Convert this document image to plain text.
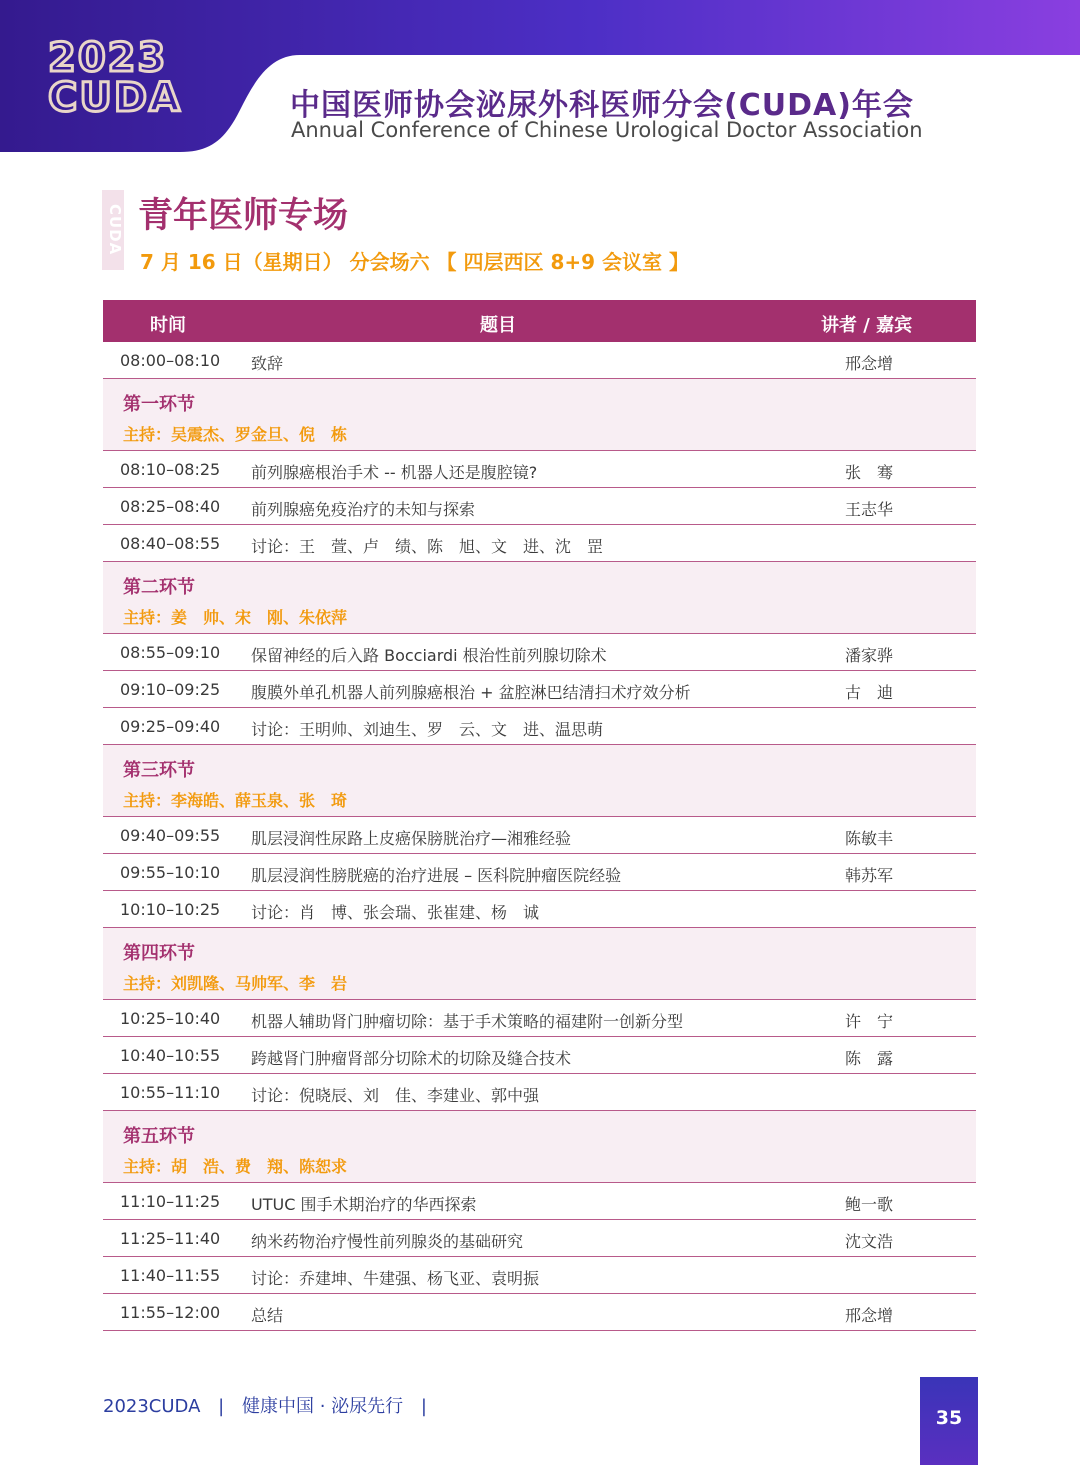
2023
CUDA	中国医师协会泌尿外科医师分会(CUDA)年会
Annual Conference of Chinese Urological Doctor Association
CUDA 青年医师专场
7 月 16 日（星期日） 分会场六 【 四层西区 8+9 会议室 】
时间	题目	讲者 / 嘉宾
08:00–08:10 致辞	邢念增
第一环节
主持：吴震杰、罗金旦、倪　栋
08:10–08:25 前列腺癌根治手术 -- 机器人还是腹腔镜?	张　骞
08:25–08:40 前列腺癌免疫治疗的未知与探索	王志华
08:40–08:55 讨论：王　萱、卢　绩、陈　旭、文　进、沈　罡
第二环节
主持：姜　帅、宋　刚、朱依萍
08:55–09:10 保留神经的后入路 Bocciardi 根治性前列腺切除术	潘家骅
09:10–09:25 腹膜外单孔机器人前列腺癌根治 + 盆腔淋巴结清扫术疗效分析	古　迪
09:25–09:40 讨论：王明帅、刘迪生、罗　云、文　进、温思萌
第三环节
主持：李海皓、薛玉泉、张　琦
09:40–09:55 肌层浸润性尿路上皮癌保膀胱治疗—湘雅经验	陈敏丰
09:55–10:10 肌层浸润性膀胱癌的治疗进展 – 医科院肿瘤医院经验	韩苏军
10:10–10:25 讨论：肖　博、张会瑞、张崔建、杨　诚
第四环节
主持：刘凯隆、马帅军、李　岩
10:25–10:40 机器人辅助肾门肿瘤切除：基于手术策略的福建附一创新分型	许　宁
10:40–10:55 跨越肾门肿瘤肾部分切除术的切除及缝合技术	陈　露
10:55–11:10 讨论：倪晓辰、刘　佳、李建业、郭中强
第五环节
主持：胡　浩、费　翔、陈恕求
11:10–11:25 UTUC 围手术期治疗的华西探索	鲍一歌
11:25–11:40 纳米药物治疗慢性前列腺炎的基础研究	沈文浩
11:40–11:55 讨论：乔建坤、牛建强、杨飞亚、袁明振
11:55–12:00 总结	邢念增
2023CUDA | 健康中国 · 泌尿先行 |
35
